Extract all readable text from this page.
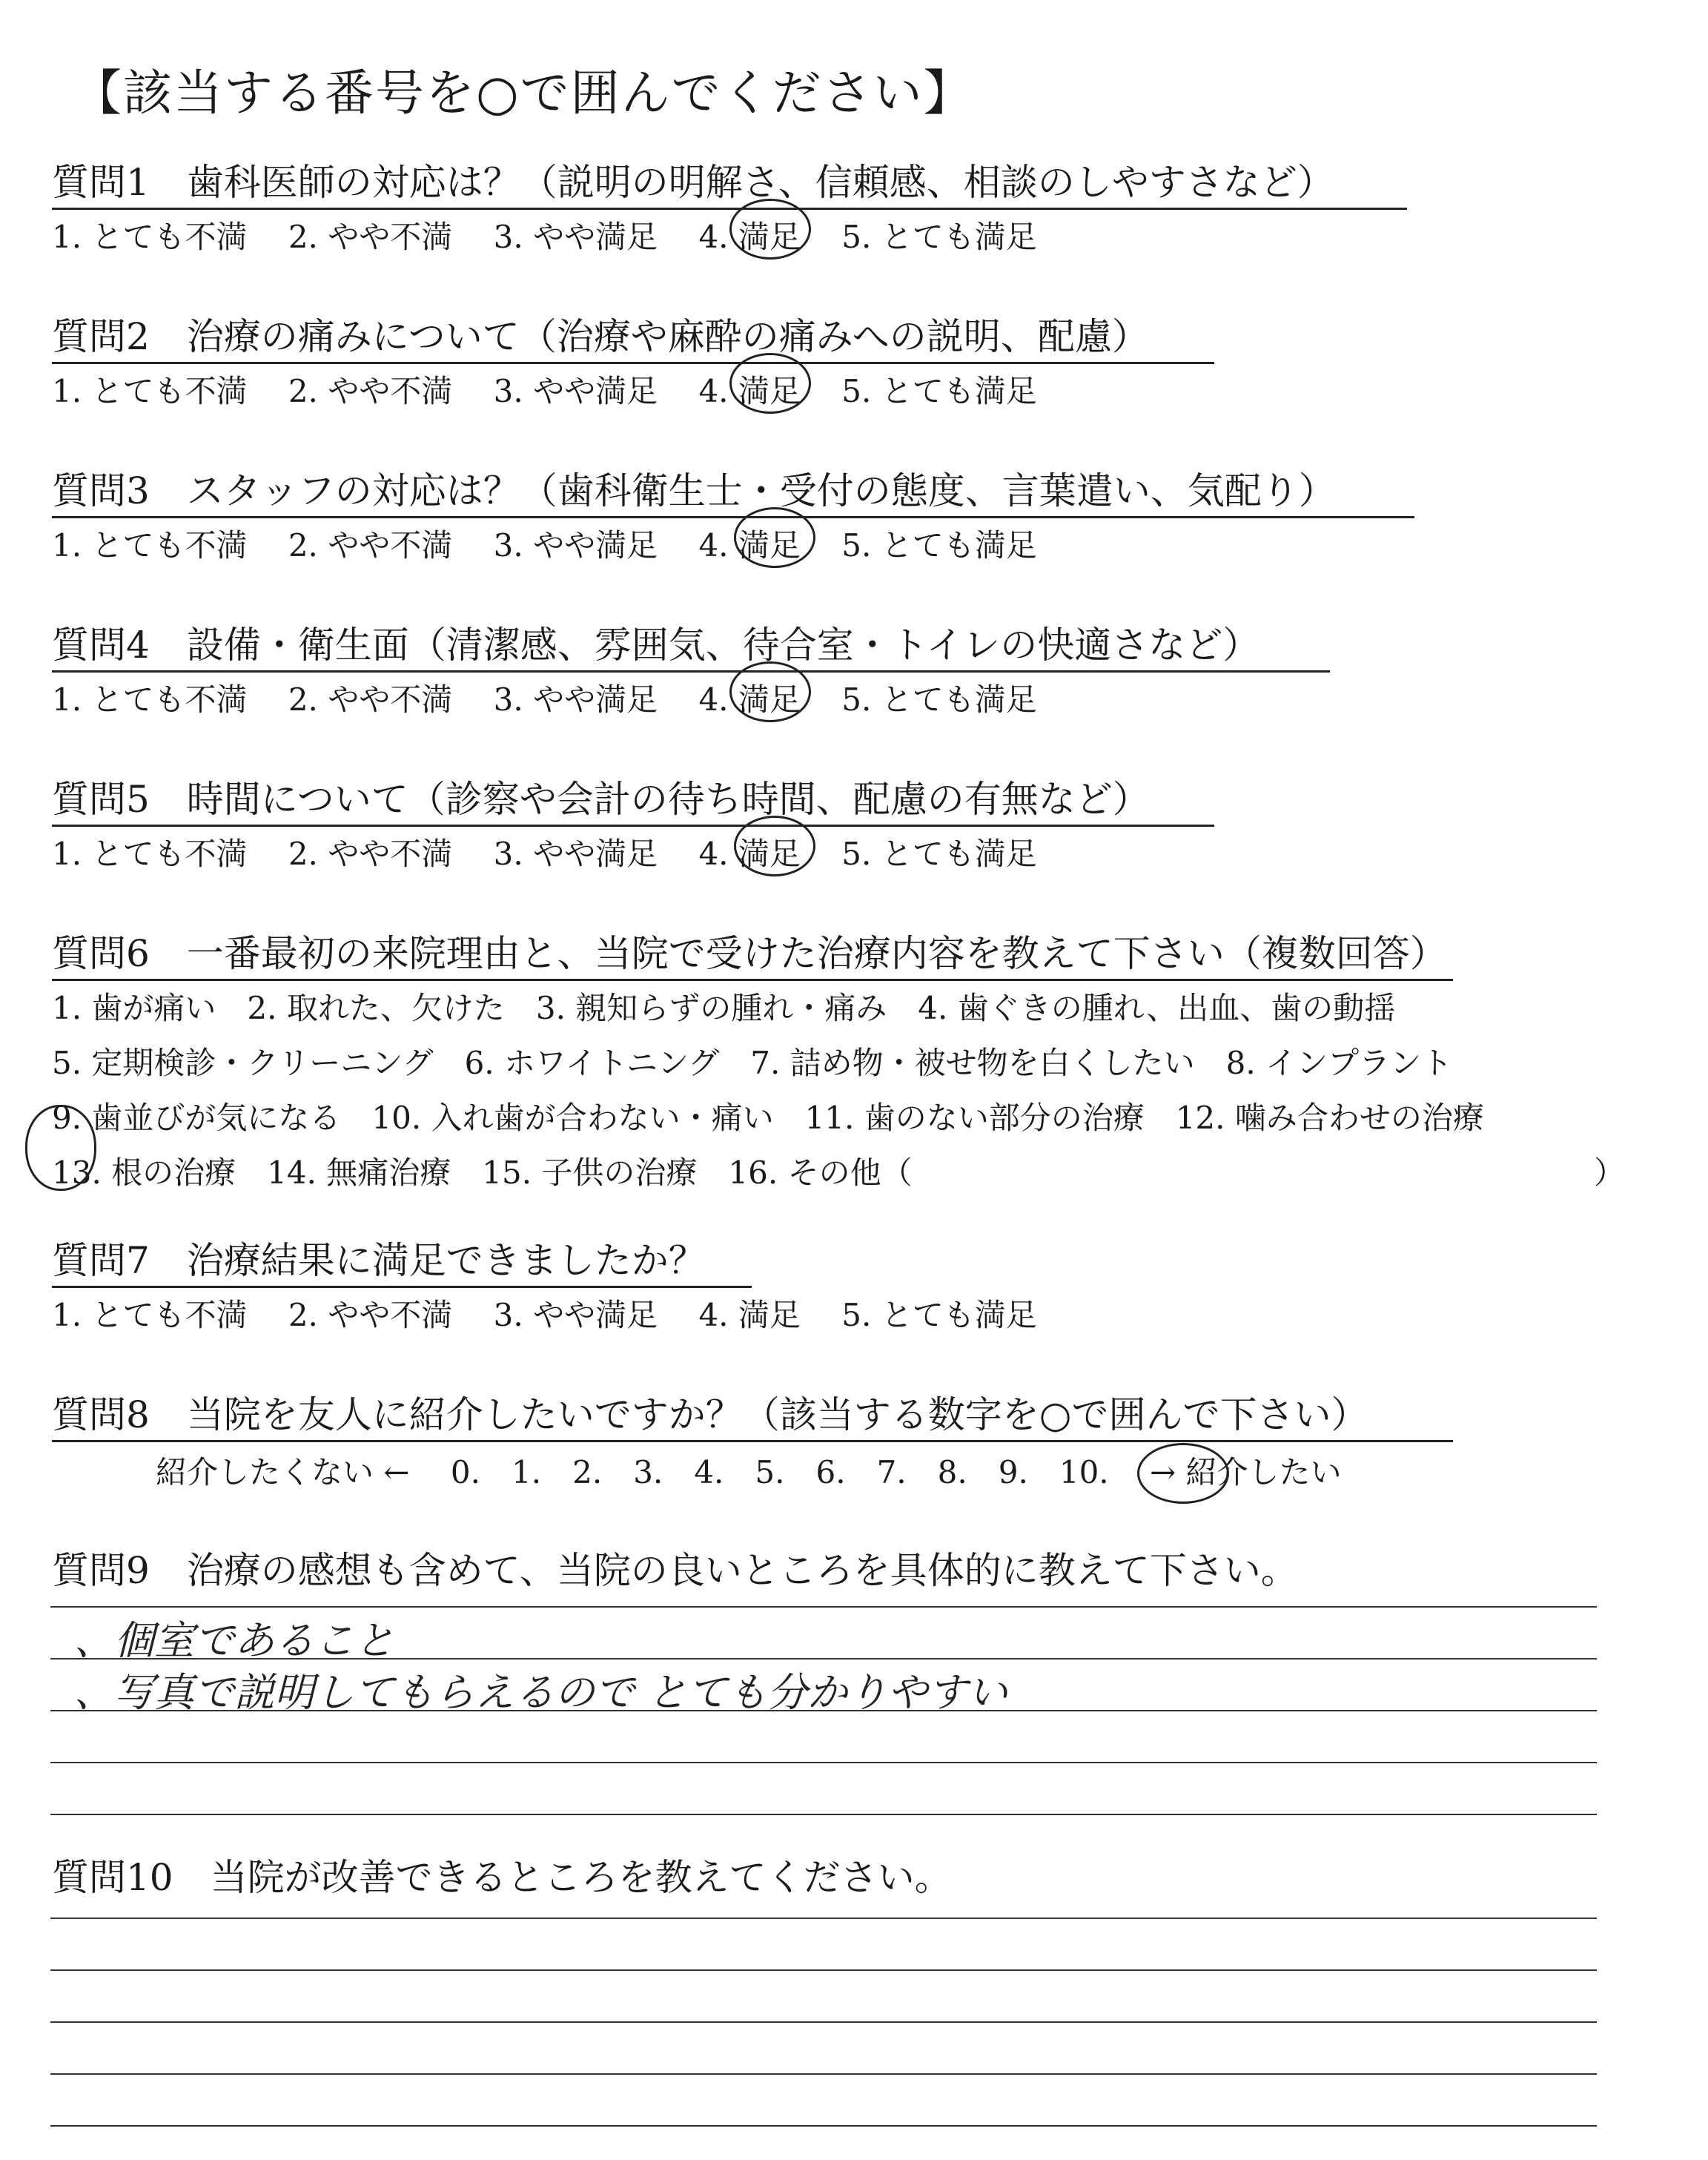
【該当する番号を○で囲んでください】
質問1　歯科医師の対応は？（説明の明解さ、信頼感、相談のしやすさなど）
1. とても不満　 2. やや不満　 3. やや満足　 4. 満足　 5. とても満足
質問2　治療の痛みについて（治療や麻酔の痛みへの説明、配慮）
1. とても不満　 2. やや不満　 3. やや満足　 4. 満足　 5. とても満足
質問3　スタッフの対応は？（歯科衛生士・受付の態度、言葉遣い、気配り）
1. とても不満　 2. やや不満　 3. やや満足　 4. 満足　 5. とても満足
質問4　設備・衛生面（清潔感、雰囲気、待合室・トイレの快適さなど）
1. とても不満　 2. やや不満　 3. やや満足　 4. 満足　 5. とても満足
質問5　時間について（診察や会計の待ち時間、配慮の有無など）
1. とても不満　 2. やや不満　 3. やや満足　 4. 満足　 5. とても満足
質問6　一番最初の来院理由と、当院で受けた治療内容を教えて下さい（複数回答）
1. 歯が痛い　2. 取れた、欠けた　3. 親知らずの腫れ・痛み　4. 歯ぐきの腫れ、出血、歯の動揺
5. 定期検診・クリーニング　6. ホワイトニング　7. 詰め物・被せ物を白くしたい　8. インプラント
9. 歯並びが気になる　10. 入れ歯が合わない・痛い　11. 歯のない部分の治療　12. 噛み合わせの治療
13. 根の治療　14. 無痛治療　15. 子供の治療　16. その他（	）
質問7　治療結果に満足できましたか？
1. とても不満　 2. やや不満　 3. やや満足　 4. 満足　 5. とても満足
質問8　当院を友人に紹介したいですか？（該当する数字を○で囲んで下さい）
紹介したくない ←　 0.　 1.　 2.　 3.　 4.　 5.　 6.　 7.　 8.　 9.　 10.　 → 紹介したい
質問9　治療の感想も含めて、当院の良いところを具体的に教えて下さい。
、個室であること
、写真で説明してもらえるので とても分かりやすい
質問10　当院が改善できるところを教えてください。
